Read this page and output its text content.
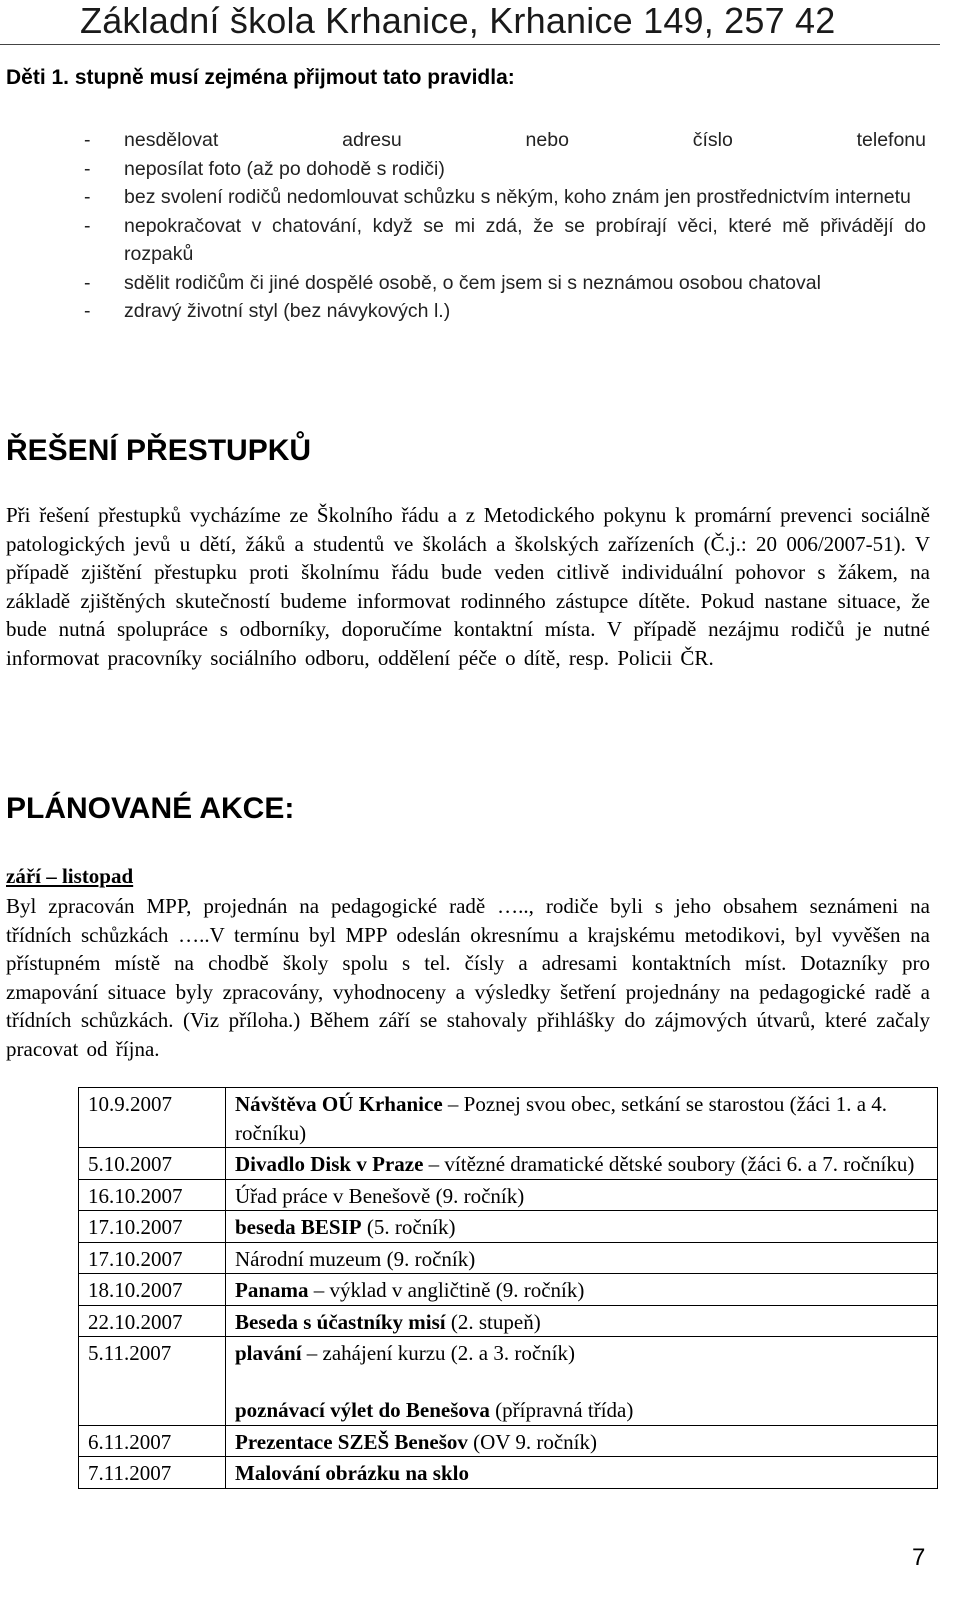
Základní škola Krhanice, Krhanice 149, 257 42
Děti 1. stupně musí zejména přijmout tato pravidla:
-	nesdělovat adresu nebo číslo telefonu
-	neposílat foto (až po dohodě s rodiči)
-	bez svolení rodičů nedomlouvat schůzku s někým, koho znám jen prostřednictvím internetu
-	nepokračovat v chatování, když se mi zdá, že se probírají věci, které mě přivádějí do rozpaků
-	sdělit rodičům či jiné dospělé osobě, o čem jsem si s neznámou osobou chatoval
-	zdravý životní styl (bez návykových l.)
ŘEŠENÍ PŘESTUPKŮ
Při řešení přestupků vycházíme ze Školního řádu a z Metodického pokynu k promární prevenci sociálně patologických jevů u dětí, žáků a studentů ve školách a školských zařízeních (Č.j.: 20 006/2007-51). V případě zjištění přestupku proti školnímu řádu bude veden citlivě individuální pohovor s žákem, na základě zjištěných skutečností budeme informovat rodinného zástupce dítěte. Pokud nastane situace, že bude nutná spolupráce s odborníky, doporučíme kontaktní místa. V případě nezájmu rodičů je nutné informovat pracovníky sociálního odboru, oddělení péče o dítě, resp. Policii ČR.
PLÁNOVANÉ AKCE:
září – listopad
Byl zpracován MPP, projednán na pedagogické radě ….., rodiče byli s jeho obsahem seznámeni na třídních schůzkách …..V termínu byl MPP odeslán okresnímu a krajskému metodikovi, byl vyvěšen na přístupném místě na chodbě školy spolu s tel. čísly a adresami kontaktních míst. Dotazníky pro zmapování situace byly zpracovány, vyhodnoceny a výsledky šetření projednány na pedagogické radě a třídních schůzkách. (Viz příloha.) Během září se stahovaly přihlášky do zájmových útvarů, které začaly pracovat od října.
10.9.2007	Návštěva OÚ Krhanice – Poznej svou obec, setkání se starostou (žáci 1. a 4. ročníku)
5.10.2007	Divadlo Disk v Praze – vítězné dramatické dětské soubory (žáci 6. a 7. ročníku)
16.10.2007	Úřad práce v Benešově (9. ročník)
17.10.2007	beseda BESIP (5. ročník)
17.10.2007	Národní muzeum (9. ročník)
18.10.2007	Panama – výklad v angličtině (9. ročník)
22.10.2007	Beseda s účastníky misí (2. stupeň)
5.11.2007	plavání – zahájení kurzu (2. a 3. ročník)
poznávací výlet do Benešova (přípravná třída)

6.11.2007	Prezentace SZEŠ Benešov (OV 9. ročník)
7.11.2007	Malování obrázku na sklo
7
